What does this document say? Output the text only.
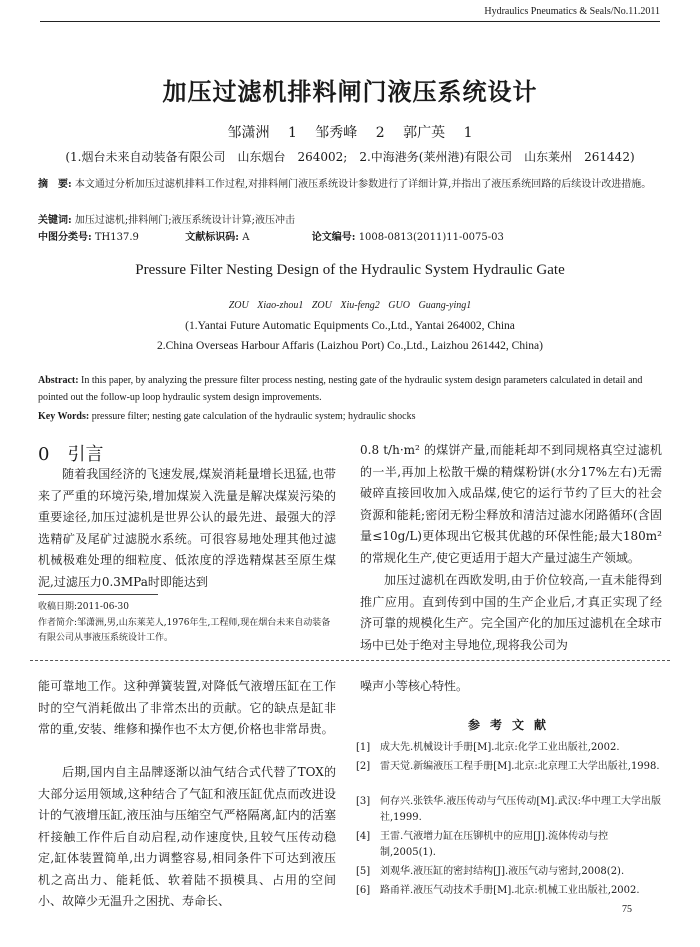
Hydraulics Pneumatics & Seals/No.11.2011
加压过滤机排料闸门液压系统设计
邹潇洲 1 邹秀峰 2 郭广英 1
(1.烟台未来自动装备有限公司　山东烟台　264002;　2.中海港务(莱州港)有限公司　山东莱州　261442)
摘　要: 本文通过分析加压过滤机排料工作过程,对排料闸门液压系统设计参数进行了详细计算,并指出了液压系统回路的后续设计改进措施。
关键词: 加压过滤机;排料闸门;液压系统设计计算;液压冲击
中图分类号: TH137.9	文献标识码: A	论文编号: 1008-0813(2011)11-0075-03
Pressure Filter Nesting Design of the Hydraulic System Hydraulic Gate
ZOU Xiao-zhou1 ZOU Xiu-feng2 GUO Guang-ying1
(1.Yantai Future Automatic Equipments Co.,Ltd., Yantai 264002, China
2.China Overseas Harbour Affaris (Laizhou Port) Co.,Ltd., Laizhou 261442, China)
Abstract: In this paper, by analyzing the pressure filter process nesting, nesting gate of the hydraulic system design parameters calculated in detail and pointed out the follow-up loop hydraulic system design improvements.
Key Words: pressure filter; nesting gate calculation of the hydraulic system; hydraulic shocks
0　引言
随着我国经济的飞速发展,煤炭消耗量增长迅猛,也带来了严重的环境污染,增加煤炭入洗量是解决煤炭污染的重要途径,加压过滤机是世界公认的最先进、最强大的浮选精矿及尾矿过滤脱水系统。可很容易地处理其他过滤机械极难处理的细粒度、低浓度的浮选精煤甚至原生煤泥,过滤压力0.3MPa时即能达到
收稿日期:2011-06-30
作者简介:邹潇洲,男,山东莱芜人,1976年生,工程师,现在烟台未来自动装备有限公司从事液压系统设计工作。
0.8 t/h·m² 的煤饼产量,而能耗却不到同规格真空过滤机的一半,再加上松散干燥的精煤粉饼(水分17%左右)无需破碎直接回收加入成品煤,使它的运行节约了巨大的社会资源和能耗;密闭无粉尘释放和清洁过滤水闭路循环(含固量≤10g/L)更体现出它极其优越的环保性能;最大180m²的常规化生产,使它更适用于超大产量过滤生产领域。
加压过滤机在西欧发明,由于价位较高,一直未能得到推广应用。直到传到中国的生产企业后,才真正实现了经济可靠的规模化生产。完全国产化的加压过滤机在全球市场中已处于绝对主导地位,现将我公司为
能可靠地工作。这种弹簧装置,对降低气液增压缸在工作时的空气消耗做出了非常杰出的贡献。它的缺点是缸非常的重,安装、维修和操作也不太方便,价格也非常昂贵。
后期,国内自主品牌逐渐以油气结合式代替了TOX的大部分运用领域,这种结合了气缸和液压缸优点而改进设计的气液增压缸,液压油与压缩空气严格隔离,缸内的活塞杆接触工作件后自动启程,动作速度快,且较气压传动稳定,缸体装置简单,出力调整容易,相同条件下可达到液压机之高出力、能耗低、软着陆不损模具、占用的空间小、故障少无温升之困扰、寿命长、
噪声小等核心特性。
参考文献
[1] 成大先.机械设计手册[M].北京:化学工业出版社,2002.
[2] 雷天觉.新编液压工程手册[M].北京:北京理工大学出版社,1998.
[3] 何存兴.张铁华.液压传动与气压传动[M].武汉:华中理工大学出版社,1999.
[4] 王雷.气液增力缸在压铆机中的应用[J].流体传动与控制,2005(1).
[5] 刘观华.液压缸的密封结构[J].液压气动与密封,2008(2).
[6] 路甬祥.液压气动技术手册[M].北京:机械工业出版社,2002.
75
